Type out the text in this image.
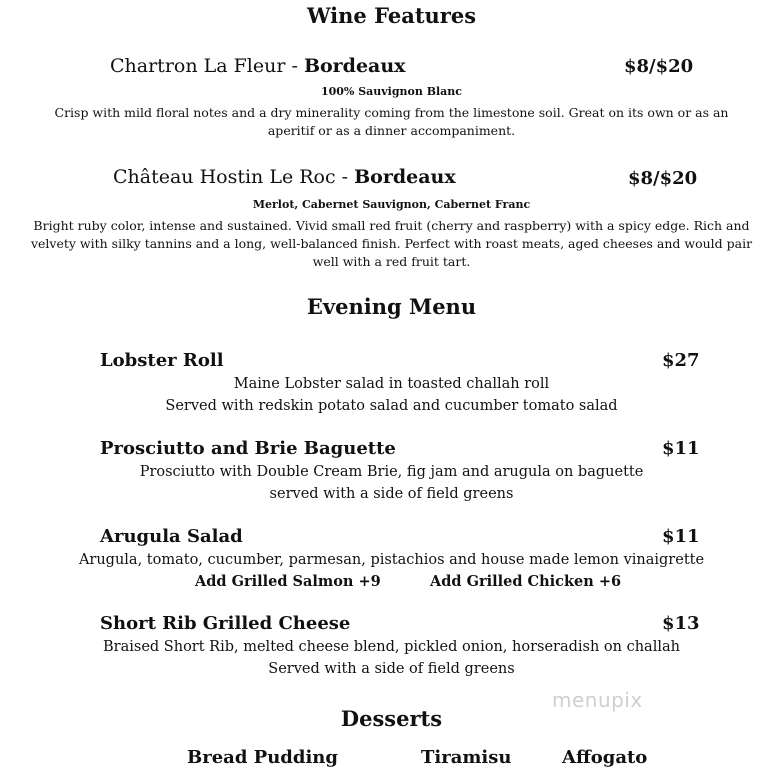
Wine Features
Chartron La Fleur - Bordeaux	$8/$20
100% Sauvignon Blanc
Crisp with mild floral notes and a dry minerality coming from the limestone soil. Great on its own or as an aperitif or as a dinner accompaniment.
Château Hostin Le Roc - Bordeaux	$8/$20
Merlot, Cabernet Sauvignon, Cabernet Franc
Bright ruby color, intense and sustained. Vivid small red fruit (cherry and raspberry) with a spicy edge. Rich and velvety with silky tannins and a long, well-balanced finish. Perfect with roast meats, aged cheeses and would pair well with a red fruit tart.
Evening Menu
Lobster Roll	$27
Maine Lobster salad in toasted challah roll
Served with redskin potato salad and cucumber tomato salad
Prosciutto and Brie Baguette	$11
Prosciutto with Double Cream Brie, fig jam and arugula on baguette
served with a side of field greens
Arugula Salad	$11
Arugula, tomato, cucumber, parmesan, pistachios and house made lemon vinaigrette
Add Grilled Salmon +9	Add Grilled Chicken +6
Short Rib Grilled Cheese	$13
Braised Short Rib, melted cheese blend, pickled onion, horseradish on challah
Served with a side of field greens
menupix
Desserts
Bread Pudding	Tiramisu	Affogato
